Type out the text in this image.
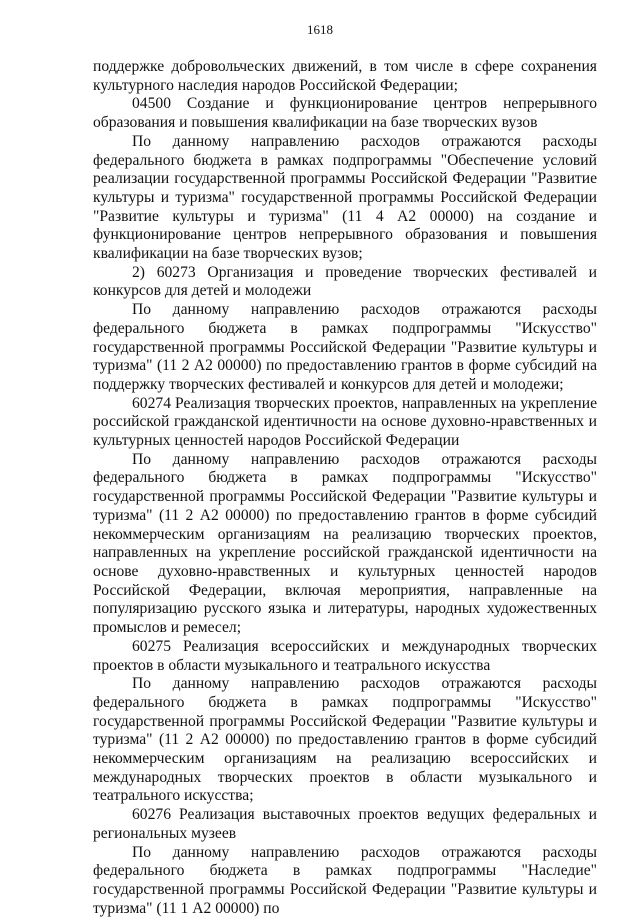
1618

поддержке добровольческих движений, в том числе в сфере сохранения культурного наследия народов Российской Федерации;

04500 Создание и функционирование центров непрерывного образования и повышения квалификации на базе творческих вузов

По данному направлению расходов отражаются расходы федерального бюджета в рамках подпрограммы "Обеспечение условий реализации государственной программы Российской Федерации "Развитие культуры и туризма" государственной программы Российской Федерации "Развитие культуры и туризма" (11 4 А2 00000) на создание и функционирование центров непрерывного образования и повышения квалификации на базе творческих вузов;

2) 60273 Организация и проведение творческих фестивалей и конкурсов для детей и молодежи

По данному направлению расходов отражаются расходы федерального бюджета в рамках подпрограммы "Искусство" государственной программы Российской Федерации "Развитие культуры и туризма" (11 2 А2 00000) по предоставлению грантов в форме субсидий на поддержку творческих фестивалей и конкурсов для детей и молодежи;

60274 Реализация творческих проектов, направленных на укрепление российской гражданской идентичности на основе духовно-нравственных и культурных ценностей народов Российской Федерации

По данному направлению расходов отражаются расходы федерального бюджета в рамках подпрограммы "Искусство" государственной программы Российской Федерации "Развитие культуры и туризма" (11 2 А2 00000) по предоставлению грантов в форме субсидий некоммерческим организациям на реализацию творческих проектов, направленных на укрепление российской гражданской идентичности на основе духовно-нравственных и культурных ценностей народов Российской Федерации, включая мероприятия, направленные на популяризацию русского языка и литературы, народных художественных промыслов и ремесел;

60275 Реализация всероссийских и международных творческих проектов в области музыкального и театрального искусства

По данному направлению расходов отражаются расходы федерального бюджета в рамках подпрограммы "Искусство" государственной программы Российской Федерации "Развитие культуры и туризма" (11 2 А2 00000) по предоставлению грантов в форме субсидий некоммерческим организациям на реализацию всероссийских и международных творческих проектов в области музыкального и театрального искусства;

60276 Реализация выставочных проектов ведущих федеральных и региональных музеев

По данному направлению расходов отражаются расходы федерального бюджета в рамках подпрограммы "Наследие" государственной программы Российской Федерации "Развитие культуры и туризма" (11 1 А2 00000) по
